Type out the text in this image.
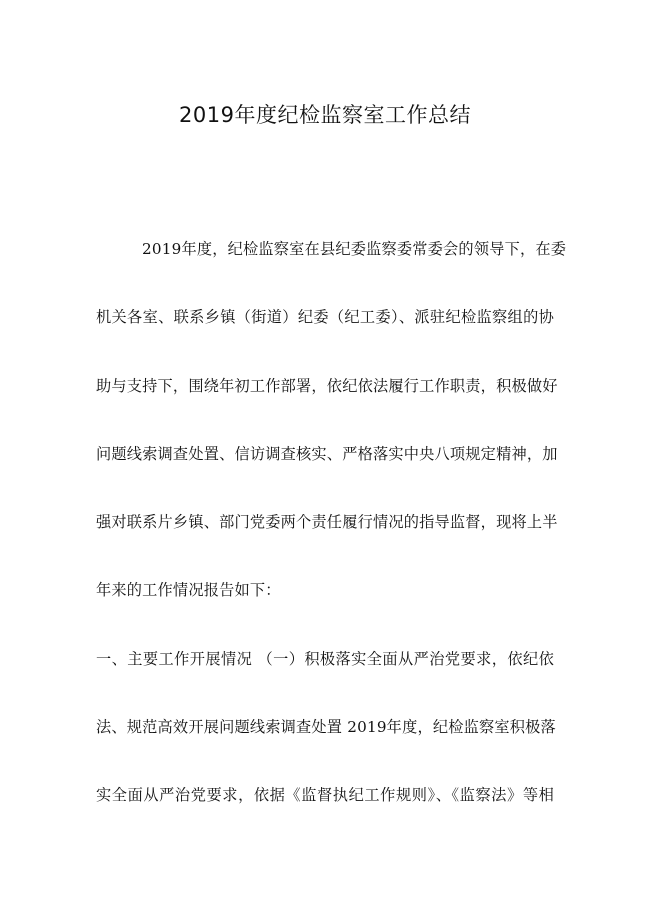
2019年度纪检监察室工作总结
2019年度，纪检监察室在县纪委监察委常委会的领导下，在委
机关各室、联系乡镇（街道）纪委（纪工委）、派驻纪检监察组的协
助与支持下，围绕年初工作部署，依纪依法履行工作职责，积极做好
问题线索调查处置、信访调查核实、严格落实中央八项规定精神，加
强对联系片乡镇、部门党委两个责任履行情况的指导监督，现将上半
年来的工作情况报告如下：
一、主要工作开展情况 （一）积极落实全面从严治党要求，依纪依
法、规范高效开展问题线索调查处置 2019年度，纪检监察室积极落
实全面从严治党要求，依据《监督执纪工作规则》、《监察法》等相
